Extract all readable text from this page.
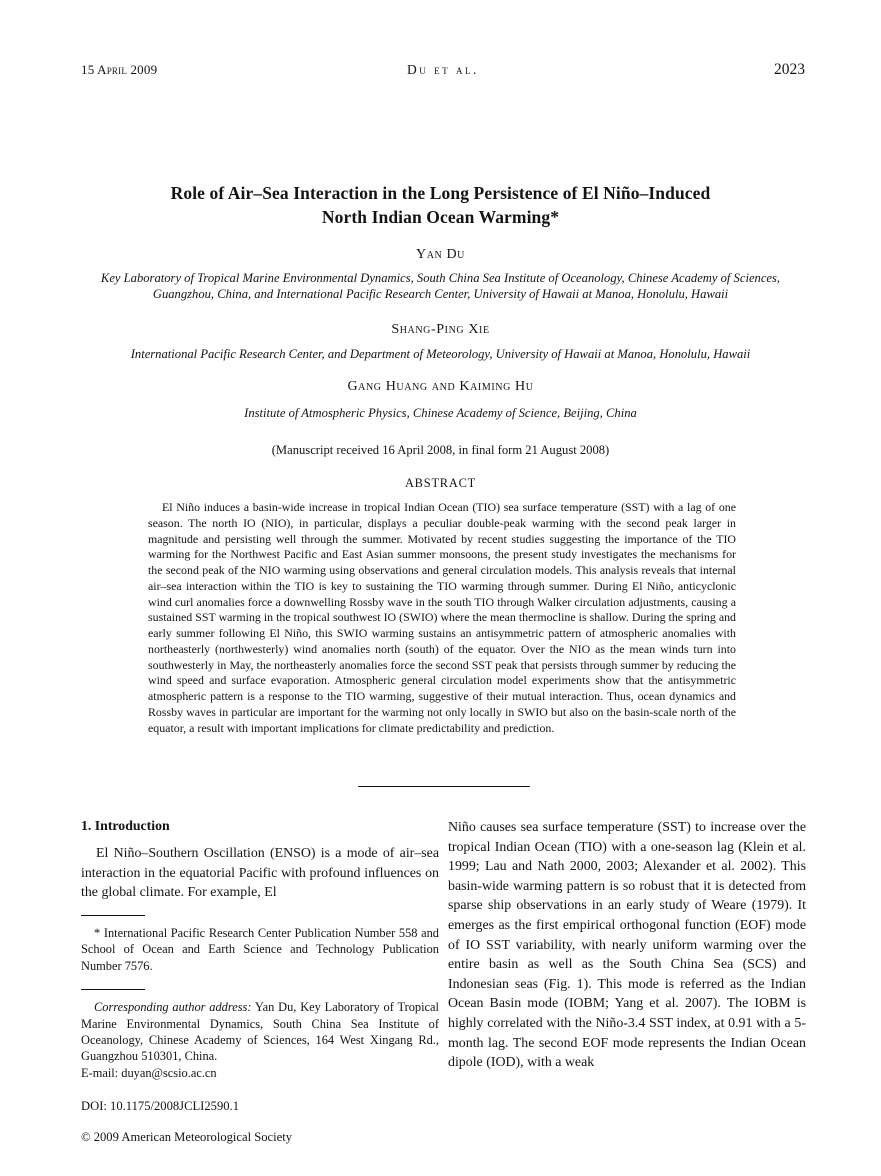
15 April 2009	Du et al.	2023
Role of Air–Sea Interaction in the Long Persistence of El Niño–Induced
North Indian Ocean Warming*
Yan Du
Key Laboratory of Tropical Marine Environmental Dynamics, South China Sea Institute of Oceanology, Chinese Academy of Sciences, Guangzhou, China, and International Pacific Research Center, University of Hawaii at Manoa, Honolulu, Hawaii
Shang-Ping Xie
International Pacific Research Center, and Department of Meteorology, University of Hawaii at Manoa, Honolulu, Hawaii
Gang Huang and Kaiming Hu
Institute of Atmospheric Physics, Chinese Academy of Science, Beijing, China
(Manuscript received 16 April 2008, in final form 21 August 2008)
ABSTRACT

El Niño induces a basin-wide increase in tropical Indian Ocean (TIO) sea surface temperature (SST) with a lag of one season. The north IO (NIO), in particular, displays a peculiar double-peak warming with the second peak larger in magnitude and persisting well through the summer. Motivated by recent studies suggesting the importance of the TIO warming for the Northwest Pacific and East Asian summer monsoons, the present study investigates the mechanisms for the second peak of the NIO warming using observations and general circulation models. This analysis reveals that internal air–sea interaction within the TIO is key to sustaining the TIO warming through summer. During El Niño, anticyclonic wind curl anomalies force a downwelling Rossby wave in the south TIO through Walker circulation adjustments, causing a sustained SST warming in the tropical southwest IO (SWIO) where the mean thermocline is shallow. During the spring and early summer following El Niño, this SWIO warming sustains an antisymmetric pattern of atmospheric anomalies with northeasterly (northwesterly) wind anomalies north (south) of the equator. Over the NIO as the mean winds turn into southwesterly in May, the northeasterly anomalies force the second SST peak that persists through summer by reducing the wind speed and surface evaporation. Atmospheric general circulation model experiments show that the antisymmetric atmospheric pattern is a response to the TIO warming, suggestive of their mutual interaction. Thus, ocean dynamics and Rossby waves in particular are important for the warming not only locally in SWIO but also on the basin-scale north of the equator, a result with important implications for climate predictability and prediction.

1. Introduction

El Niño–Southern Oscillation (ENSO) is a mode of air–sea interaction in the equatorial Pacific with profound influences on the global climate. For example, El

Niño causes sea surface temperature (SST) to increase over the tropical Indian Ocean (TIO) with a one-season lag (Klein et al. 1999; Lau and Nath 2000, 2003; Alexander et al. 2002). This basin-wide warming pattern is so robust that it is detected from sparse ship observations in an early study of Weare (1979). It emerges as the first empirical orthogonal function (EOF) mode of IO SST variability, with nearly uniform warming over the entire basin as well as the South China Sea (SCS) and Indonesian seas (Fig. 1). This mode is referred as the Indian Ocean Basin mode (IOBM; Yang et al. 2007). The IOBM is highly correlated with the Niño-3.4 SST index, at 0.91 with a 5-month lag. The second EOF mode represents the Indian Ocean dipole (IOD), with a weak

* International Pacific Research Center Publication Number 558 and School of Ocean and Earth Science and Technology Publication Number 7576.

Corresponding author address: Yan Du, Key Laboratory of Tropical Marine Environmental Dynamics, South China Sea Institute of Oceanology, Chinese Academy of Sciences, 164 West Xingang Rd., Guangzhou 510301, China.

E-mail: duyan@scsio.ac.cn

DOI: 10.1175/2008JCLI2590.1

© 2009 American Meteorological Society
